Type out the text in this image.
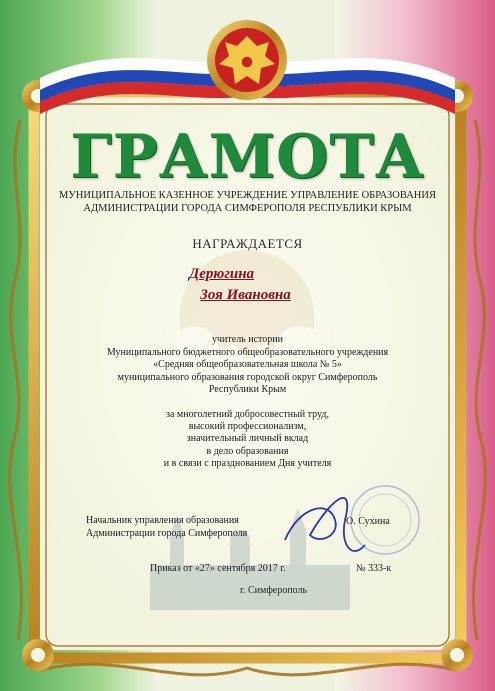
ГРАМОТА
МУНИЦИПАЛЬНОЕ КАЗЕННОЕ УЧРЕЖДЕНИЕ УПРАВЛЕНИЕ ОБРАЗОВАНИЯ
АДМИНИСТРАЦИИ ГОРОДА СИМФЕРОПОЛЯ РЕСПУБЛИКИ КРЫМ
НАГРАЖДАЕТСЯ
Дерюгина
Зоя Ивановна
учитель истории
Муниципального бюджетного общеобразовательного учреждения
«Средняя общеобразовательная школа № 5»
муниципального образования городской округ Симферополь
Республики Крым
за многолетний добросовестный труд,
высокий профессионализм,
значительный личный вклад
в дело образования
и в связи с празднованием Дня учителя
Начальник управления образования
Администрации города Симферополя
О. Сухина
Приказ от «27» сентября 2017 г.	№ 333-к
г. Симферополь
